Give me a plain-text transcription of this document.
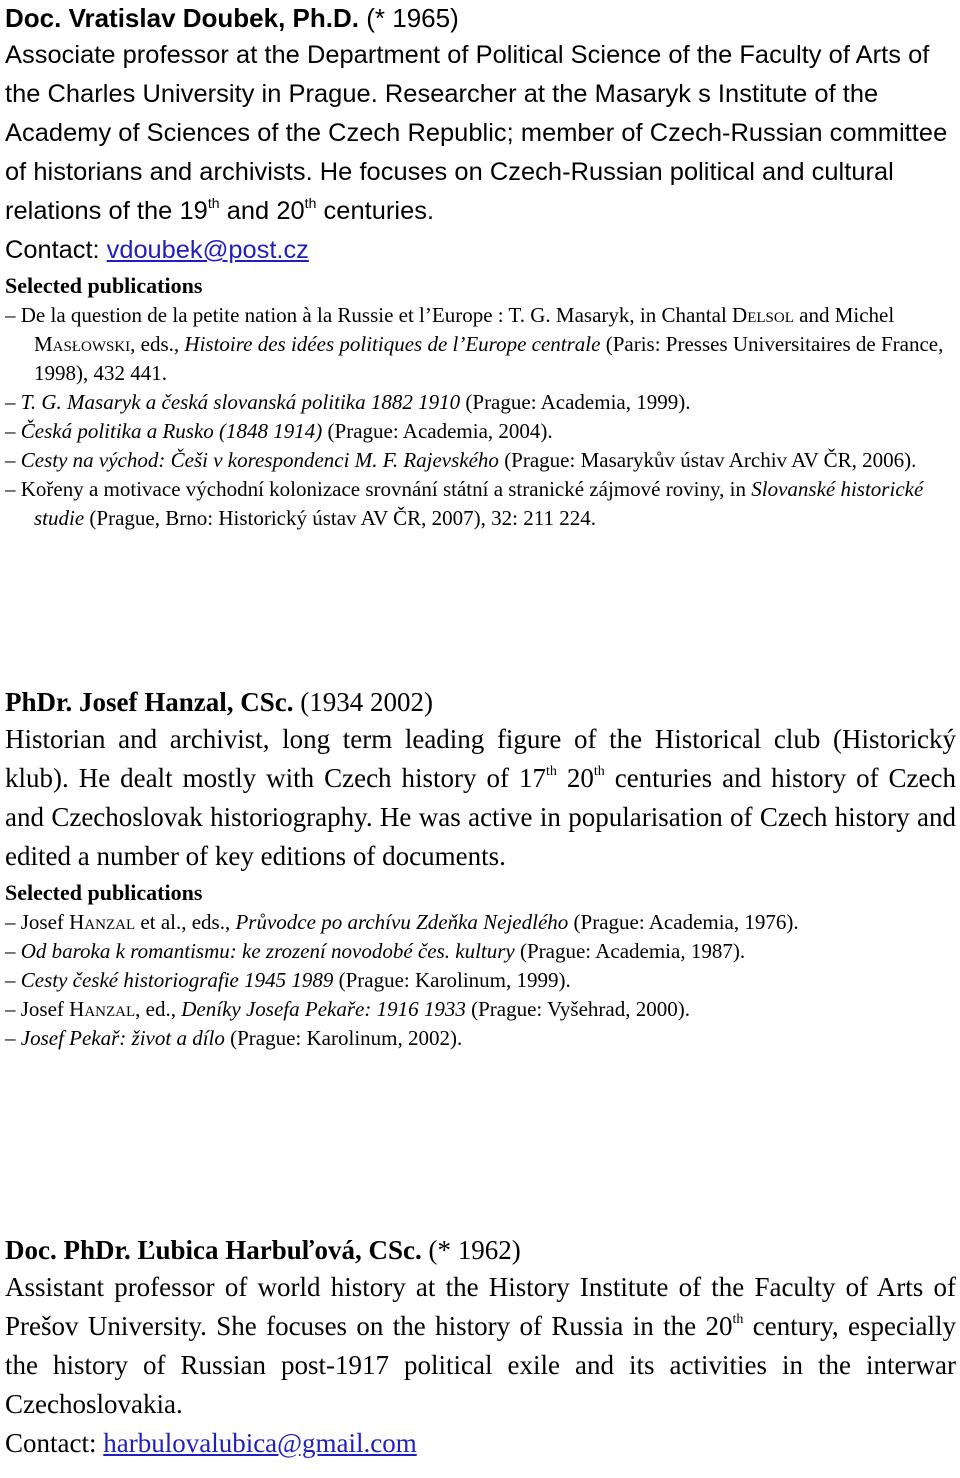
Doc. Vratislav Doubek, Ph.D. (* 1965)

Associate professor at the Department of Political Science of the Faculty of Arts of the Charles University in Prague. Researcher at the Masaryk s Institute of the Academy of Sciences of the Czech Republic; member of Czech-Russian committee of historians and archivists. He focuses on Czech-Russian political and cultural relations of the 19th and 20th centuries.

Contact: vdoubek@post.cz

Selected publications
– De la question de la petite nation à la Russie et l’Europe : T. G. Masaryk, in Chantal Delsol and Michel Masłowski, eds., Histoire des idées politiques de l’Europe centrale (Paris: Presses Universitaires de France, 1998), 432 441.
– T. G. Masaryk a česká slovanská politika 1882 1910 (Prague: Academia, 1999).
– Česká politika a Rusko (1848 1914) (Prague: Academia, 2004).
– Cesty na východ: Češi v korespondenci M. F. Rajevského (Prague: Masarykův ústav Archiv AV ČR, 2006).
– Kořeny a motivace východní kolonizace srovnání státní a stranické zájmové roviny, in Slovanské historické studie (Prague, Brno: Historický ústav AV ČR, 2007), 32: 211 224.
PhDr. Josef Hanzal, CSc. (1934 2002)

Historian and archivist, long term leading figure of the Historical club (Historický klub). He dealt mostly with Czech history of 17th 20th centuries and history of Czech and Czechoslovak historiography. He was active in popularisation of Czech history and edited a number of key editions of documents.

Selected publications
– Josef Hanzal et al., eds., Průvodce po archívu Zdeňka Nejedlého (Prague: Academia, 1976).
– Od baroka k romantismu: ke zrození novodobé čes. kultury (Prague: Academia, 1987).
– Cesty české historiografie 1945 1989 (Prague: Karolinum, 1999).
– Josef Hanzal, ed., Deníky Josefa Pekaře: 1916 1933 (Prague: Vyšehrad, 2000).
– Josef Pekař: život a dílo (Prague: Karolinum, 2002).
Doc. PhDr. Ľubica Harbuľová, CSc. (* 1962)

Assistant professor of world history at the History Institute of the Faculty of Arts of Prešov University. She focuses on the history of Russia in the 20th century, especially the history of Russian post-1917 political exile and its activities in the interwar Czechoslovakia.

Contact: harbulovalubica@gmail.com
